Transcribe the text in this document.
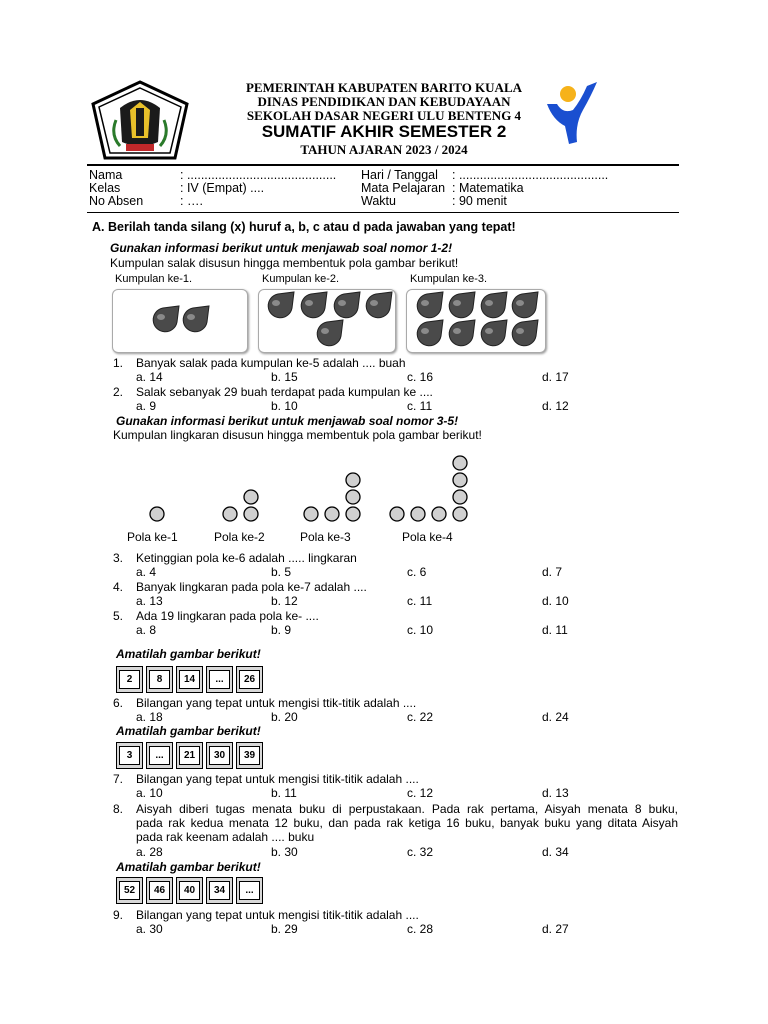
PEMERINTAH KABUPATEN BARITO KUALA
DINAS PENDIDIKAN DAN KEBUDAYAAN
SEKOLAH DASAR NEGERI ULU BENTENG 4
SUMATIF AKHIR SEMESTER 2
TAHUN AJARAN 2023 / 2024
Nama	: ...........................................
Kelas	: IV (Empat) ....
No Absen	: ….
Hari / Tanggal : ...........................................
Mata Pelajaran : Matematika
Waktu	: 90 menit
A. Berilah tanda silang (x) huruf a, b, c atau d pada jawaban yang tepat!
Gunakan informasi berikut untuk menjawab soal nomor 1-2!
Kumpulan salak disusun hingga membentuk pola gambar berikut!
Kumpulan ke-1.	Kumpulan ke-2.	Kumpulan ke-3.
1. Banyak salak pada kumpulan ke-5 adalah .... buah
a. 14	b. 15	c. 16	d. 17
2. Salak sebanyak 29 buah terdapat pada kumpulan ke ....
a. 9	b. 10	c. 11	d. 12
3. Ketinggian pola ke-6 adalah ..... lingkaran
a. 4	b. 5	c. 6	d. 7
4. Banyak lingkaran pada pola ke-7 adalah ....
a. 13	b. 12	c. 11	d. 10
5. Ada 19 lingkaran pada pola ke- ....
a. 8	b. 9	c. 10	d. 11
6. Bilangan yang tepat untuk mengisi ttik-titik adalah ....
a. 18	b. 20	c. 22	d. 24
7. Bilangan yang tepat untuk mengisi titik-titik adalah ....
a. 10	b. 11	c. 12	d. 13
8. Aisyah diberi tugas menata buku di perpustakaan. Pada rak pertama, Aisyah menata 8 buku,
pada rak kedua menata 12 buku, dan pada rak ketiga 16 buku, banyak buku yang ditata Aisyah
pada rak keenam adalah .... buku
a. 28	b. 30	c. 32	d. 34
9. Bilangan yang tepat untuk mengisi titik-titik adalah ....
a. 30	b. 29	c. 28	d. 27
Gunakan informasi berikut untuk menjawab soal nomor 3-5!
Kumpulan lingkaran disusun hingga membentuk pola gambar berikut!
Pola ke-1	Pola ke-2	Pola ke-3	Pola ke-4
Amatilah gambar berikut!
2	8	14	...	26
Amatilah gambar berikut!
3	...	21	30	39
Amatilah gambar berikut!
52	46	40	34	...
